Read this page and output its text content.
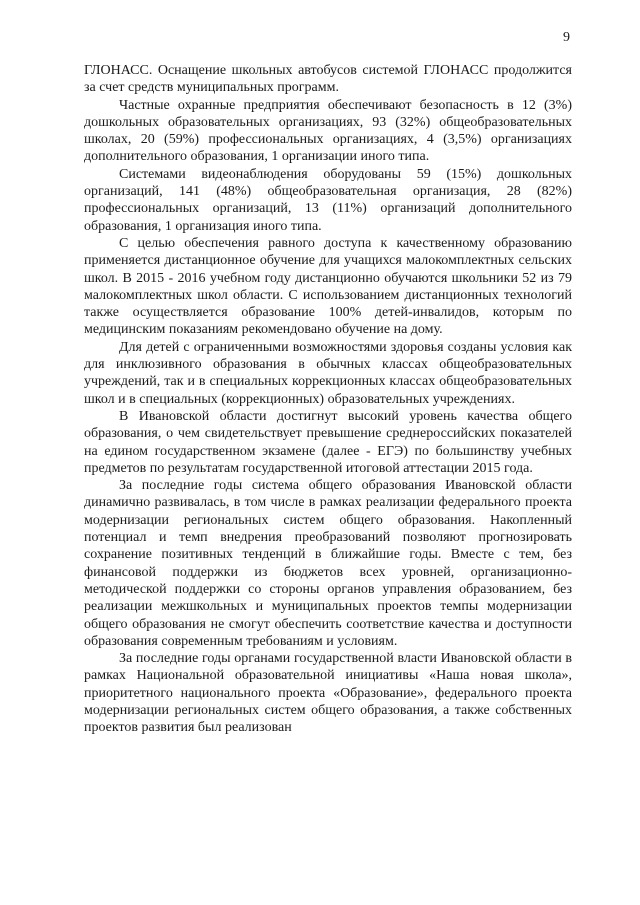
9

ГЛОНАСС. Оснащение школьных автобусов системой ГЛОНАСС продолжится за счет средств муниципальных программ.

Частные охранные предприятия обеспечивают безопасность в 12 (3%) дошкольных образовательных организациях, 93 (32%) общеобразовательных школах, 20 (59%) профессиональных организациях, 4 (3,5%) организациях дополнительного образования, 1 организации иного типа.

Системами видеонаблюдения оборудованы 59 (15%) дошкольных организаций, 141 (48%) общеобразовательная организация, 28 (82%) профессиональных организаций, 13 (11%) организаций дополнительного образования, 1 организация иного типа.

С целью обеспечения равного доступа к качественному образованию применяется дистанционное обучение для учащихся малокомплектных сельских школ. В 2015 - 2016 учебном году дистанционно обучаются школьники 52 из 79 малокомплектных школ области. С использованием дистанционных технологий также осуществляется образование 100% детей-инвалидов, которым по медицинским показаниям рекомендовано обучение на дому.

Для детей с ограниченными возможностями здоровья созданы условия как для инклюзивного образования в обычных классах общеобразовательных учреждений, так и в специальных коррекционных классах общеобразовательных школ и в специальных (коррекционных) образовательных учреждениях.

В Ивановской области достигнут высокий уровень качества общего образования, о чем свидетельствует превышение среднероссийских показателей на едином государственном экзамене (далее - ЕГЭ) по большинству учебных предметов по результатам государственной итоговой аттестации 2015 года.

За последние годы система общего образования Ивановской области динамично развивалась, в том числе в рамках реализации федерального проекта модернизации региональных систем общего образования. Накопленный потенциал и темп внедрения преобразований позволяют прогнозировать сохранение позитивных тенденций в ближайшие годы. Вместе с тем, без финансовой поддержки из бюджетов всех уровней, организационно-методической поддержки со стороны органов управления образованием, без реализации межшкольных и муниципальных проектов темпы модернизации общего образования не смогут обеспечить соответствие качества и доступности образования современным требованиям и условиям.

За последние годы органами государственной власти Ивановской области в рамках Национальной образовательной инициативы «Наша новая школа», приоритетного национального проекта «Образование», федерального проекта модернизации региональных систем общего образования, а также собственных проектов развития был реализован
